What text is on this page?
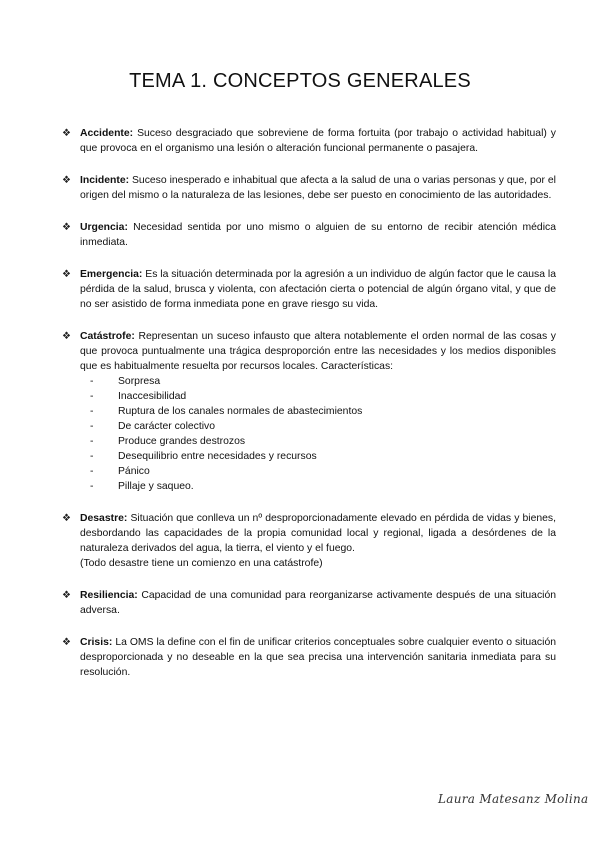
TEMA 1. CONCEPTOS GENERALES
❖ Accidente: Suceso desgraciado que sobreviene de forma fortuita (por trabajo o actividad habitual) y que provoca en el organismo una lesión o alteración funcional permanente o pasajera.
❖ Incidente: Suceso inesperado e inhabitual que afecta a la salud de una o varias personas y que, por el origen del mismo o la naturaleza de las lesiones, debe ser puesto en conocimiento de las autoridades.
❖ Urgencia: Necesidad sentida por uno mismo o alguien de su entorno de recibir atención médica inmediata.
❖ Emergencia: Es la situación determinada por la agresión a un individuo de algún factor que le causa la pérdida de la salud, brusca y violenta, con afectación cierta o potencial de algún órgano vital, y que de no ser asistido de forma inmediata pone en grave riesgo su vida.
❖ Catástrofe: Representan un suceso infausto que altera notablemente el orden normal de las cosas y que provoca puntualmente una trágica desproporción entre las necesidades y los medios disponibles que es habitualmente resuelta por recursos locales. Características:
- Sorpresa
- Inaccesibilidad
- Ruptura de los canales normales de abastecimientos
- De carácter colectivo
- Produce grandes destrozos
- Desequilibrio entre necesidades y recursos
- Pánico
- Pillaje y saqueo.
❖ Desastre: Situación que conlleva un nº desproporcionadamente elevado en pérdida de vidas y bienes, desbordando las capacidades de la propia comunidad local y regional, ligada a desórdenes de la naturaleza derivados del agua, la tierra, el viento y el fuego.
(Todo desastre tiene un comienzo en una catástrofe)
❖ Resiliencia: Capacidad de una comunidad para reorganizarse activamente después de una situación adversa.
❖ Crisis: La OMS la define con el fin de unificar criterios conceptuales sobre cualquier evento o situación desproporcionada y no deseable en la que sea precisa una intervención sanitaria inmediata para su resolución.
Laura Matesanz Molina
